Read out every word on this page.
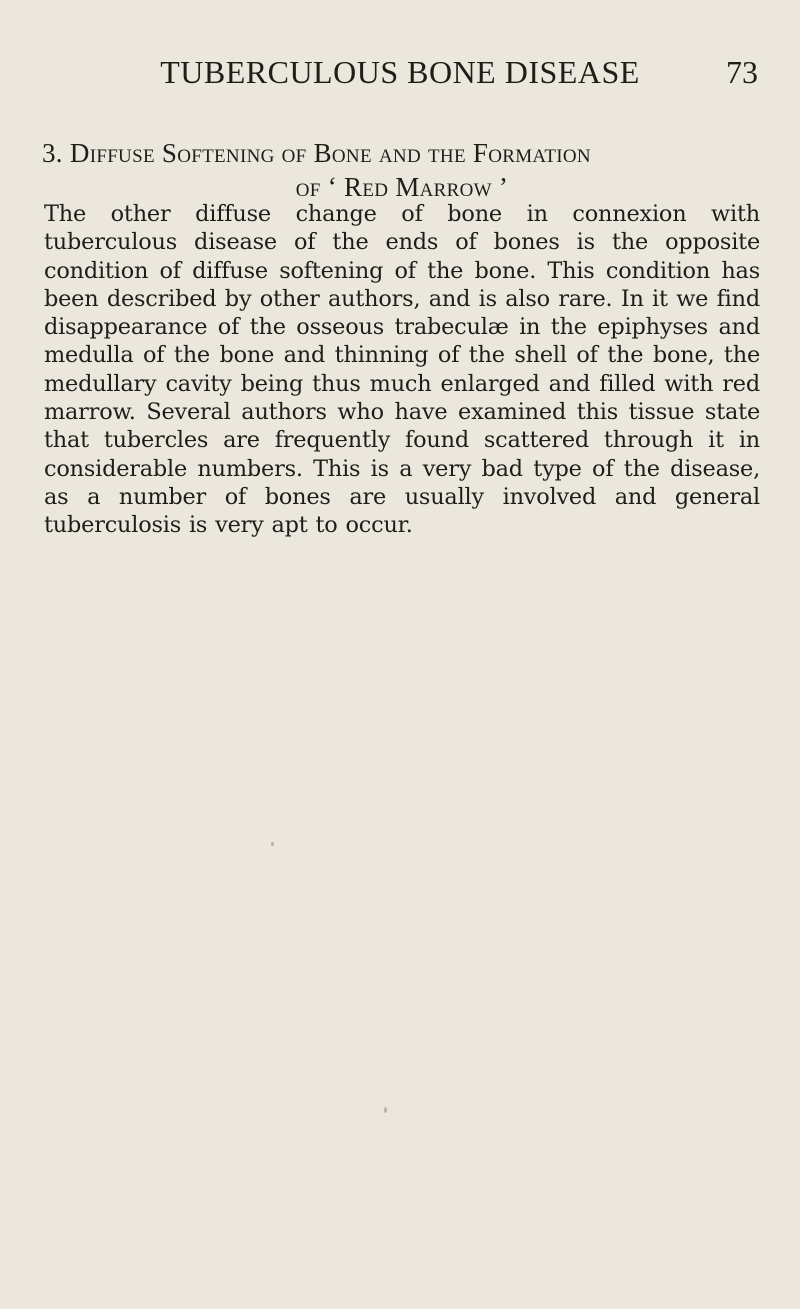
TUBERCULOUS BONE DISEASE	73
3. Diffuse Softening of Bone and the Formation
of ‘ Red Marrow ’

The other diffuse change of bone in connexion with tuberculous disease of the ends of bones is the opposite condition of diffuse softening of the bone. This condition has been described by other authors, and is also rare. In it we find disappearance of the osseous trabeculæ in the epiphyses and medulla of the bone and thinning of the shell of the bone, the medullary cavity being thus much enlarged and filled with red marrow. Several authors who have examined this tissue state that tubercles are frequently found scattered through it in considerable numbers. This is a very bad type of the disease, as a number of bones are usually involved and general tuberculosis is very apt to occur.
